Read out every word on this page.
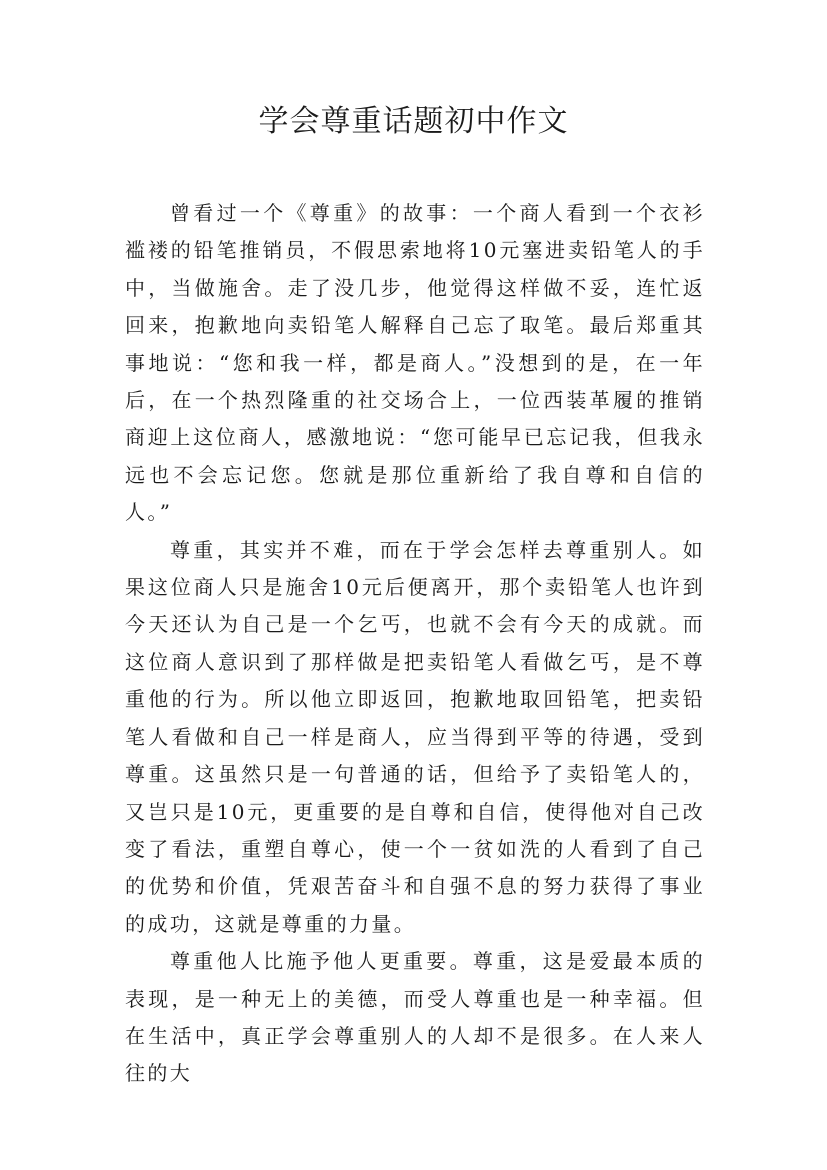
学会尊重话题初中作文

曾看过一个《尊重》的故事：一个商人看到一个衣衫褴褛的铅笔推销员，不假思索地将10元塞进卖铅笔人的手中，当做施舍。走了没几步，他觉得这样做不妥，连忙返回来，抱歉地向卖铅笔人解释自己忘了取笔。最后郑重其事地说：“您和我一样，都是商人。”没想到的是，在一年后，在一个热烈隆重的社交场合上，一位西装革履的推销商迎上这位商人，感激地说：“您可能早已忘记我，但我永远也不会忘记您。您就是那位重新给了我自尊和自信的人。”

尊重，其实并不难，而在于学会怎样去尊重别人。如果这位商人只是施舍10元后便离开，那个卖铅笔人也许到今天还认为自己是一个乞丐，也就不会有今天的成就。而这位商人意识到了那样做是把卖铅笔人看做乞丐，是不尊重他的行为。所以他立即返回，抱歉地取回铅笔，把卖铅笔人看做和自己一样是商人，应当得到平等的待遇，受到尊重。这虽然只是一句普通的话，但给予了卖铅笔人的，又岂只是10元，更重要的是自尊和自信，使得他对自己改变了看法，重塑自尊心，使一个一贫如洗的人看到了自己的优势和价值，凭艰苦奋斗和自强不息的努力获得了事业的成功，这就是尊重的力量。

尊重他人比施予他人更重要。尊重，这是爱最本质的表现，是一种无上的美德，而受人尊重也是一种幸福。但在生活中，真正学会尊重别人的人却不是很多。在人来人往的大
